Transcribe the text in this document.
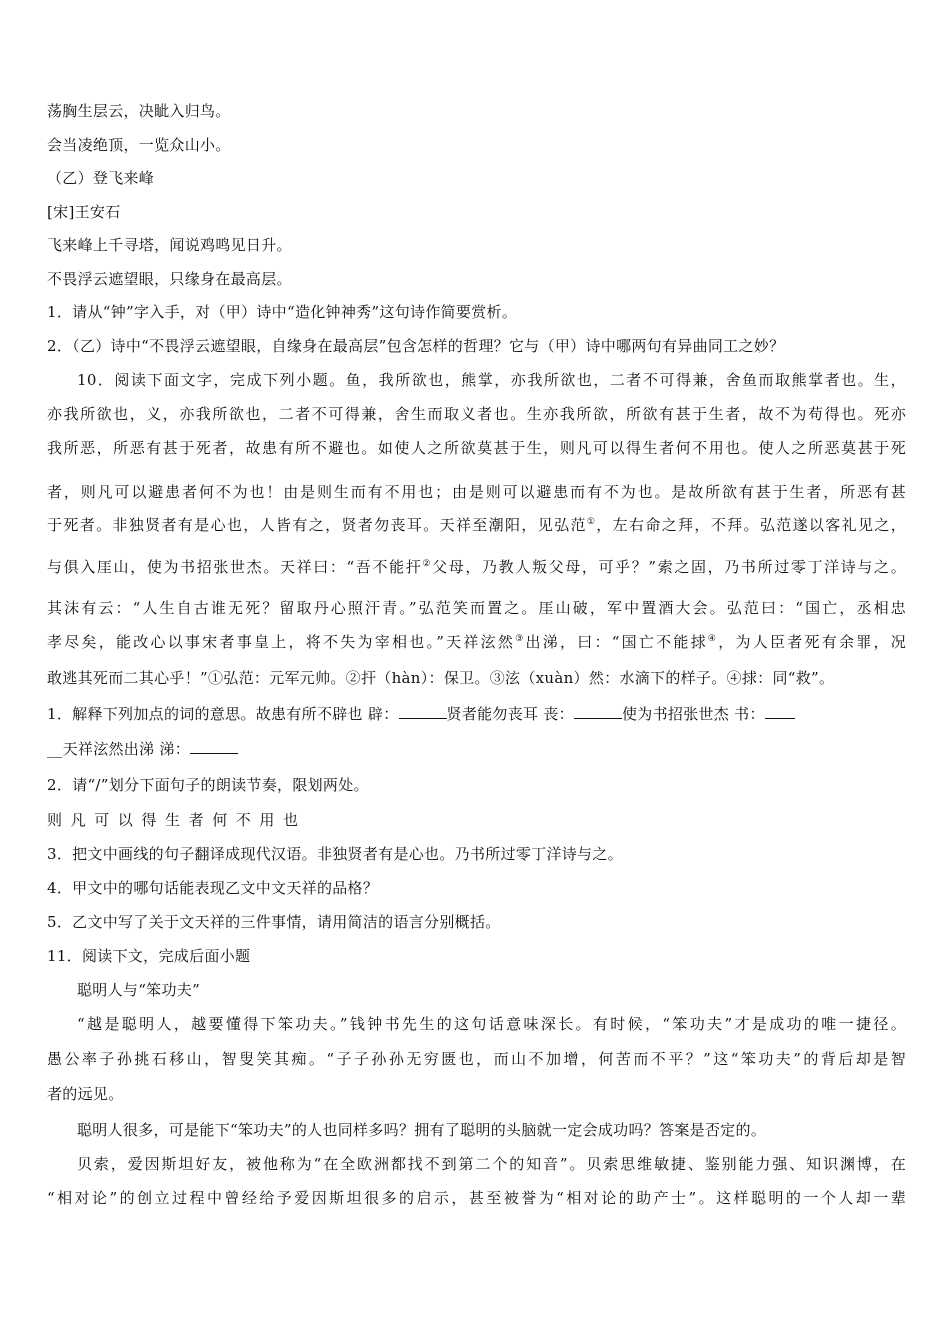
荡胸生层云，决眦入归鸟。
会当凌绝顶，一览众山小。
（乙）登飞来峰
[宋]王安石
飞来峰上千寻塔，闻说鸡鸣见日升。
不畏浮云遮望眼，只缘身在最高层。
1．请从“钟”字入手，对（甲）诗中“造化钟神秀”这句诗作简要赏析。
2．（乙）诗中“不畏浮云遮望眼，自缘身在最高层”包含怎样的哲理？它与（甲）诗中哪两句有异曲同工之妙？
10．阅读下面文字，完成下列小题。鱼，我所欲也，熊掌，亦我所欲也，二者不可得兼，舍鱼而取熊掌者也。生，
亦我所欲也，义，亦我所欲也，二者不可得兼，舍生而取义者也。生亦我所欲，所欲有甚于生者，故不为苟得也。死亦
我所恶，所恶有甚于死者，故患有所不避也。如使人之所欲莫甚于生，则凡可以得生者何不用也。使人之所恶莫甚于死
者，则凡可以避患者何不为也！由是则生而有不用也；由是则可以避患而有不为也。是故所欲有甚于生者，所恶有甚
于死者。非独贤者有是心也，人皆有之，贤者勿丧耳。天祥至潮阳，见弘范①，左右命之拜，不拜。弘范遂以客礼见之，
与俱入厓山，使为书招张世杰。天祥曰：“吾不能扞②父母，乃教人叛父母，可乎？”索之固，乃书所过零丁洋诗与之。
其沫有云：“人生自古谁无死？留取丹心照汗青。”弘范笑而置之。厓山破，军中置酒大会。弘范曰：“国亡，丞相忠
孝尽矣，能改心以事宋者事皇上，将不失为宰相也。”天祥泫然③出涕，曰：“国亡不能捄④，为人臣者死有余罪，况
敢逃其死而二其心乎！”①弘范：元军元帅。②扞（hàn）：保卫。③泫（xuàn）然：水滴下的样子。④捄：同“救”。
1．解释下列加点的词的意思。故患有所不辟也 辟：	贤者能勿丧耳 丧：	使为书招张世杰 书：
__天祥泫然出涕 涕：
2．请“/”划分下面句子的朗读节奏，限划两处。
则凡可以得生者何不用也
3．把文中画线的句子翻译成现代汉语。非独贤者有是心也。乃书所过零丁洋诗与之。
4．甲文中的哪句话能表现乙文中文天祥的品格？
5．乙文中写了关于文天祥的三件事情，请用简洁的语言分别概括。
11．阅读下文，完成后面小题
聪明人与“笨功夫”
“越是聪明人，越要懂得下笨功夫。”钱钟书先生的这句话意味深长。有时候，“笨功夫”才是成功的唯一捷径。
愚公率子孙挑石移山，智叟笑其痴。“子子孙孙无穷匮也，而山不加增，何苦而不平？”这“笨功夫”的背后却是智
者的远见。
聪明人很多，可是能下“笨功夫”的人也同样多吗？拥有了聪明的头脑就一定会成功吗？答案是否定的。
贝索，爱因斯坦好友，被他称为“在全欧洲都找不到第二个的知音”。贝索思维敏捷、鉴别能力强、知识渊博，在
“相对论”的创立过程中曾经给予爱因斯坦很多的启示，甚至被誉为“相对论的助产士”。这样聪明的一个人却一辈
